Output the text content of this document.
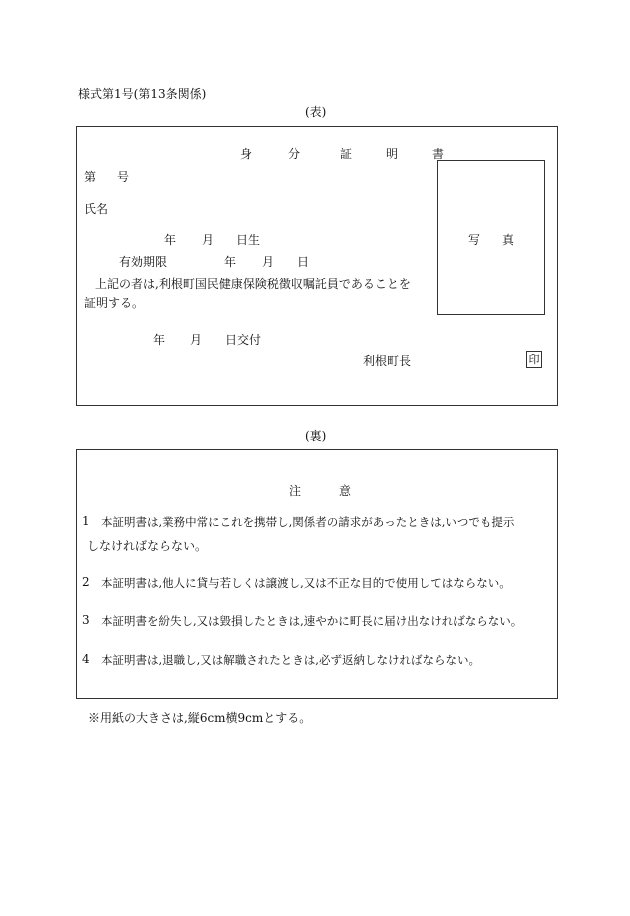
様式第1号(第13条関係)
(表)
身	分	証	明	書
第 号
氏名
年 月 日生
有効期限	年 月 日
上記の者は,利根町国民健康保険税徴収嘱託員であることを
証明する。
年 月 日交付
利根町長	印
写 真
(裏)
注	意
1 本証明書は,業務中常にこれを携帯し,関係者の請求があったときは,いつでも提示
しなければならない。
2 本証明書は,他人に貸与若しくは譲渡し,又は不正な目的で使用してはならない。
3 本証明書を紛失し,又は毀損したときは,速やかに町長に届け出なければならない。
4 本証明書は,退職し,又は解職されたときは,必ず返納しなければならない。
※用紙の大きさは,縦6cm横9cmとする。
